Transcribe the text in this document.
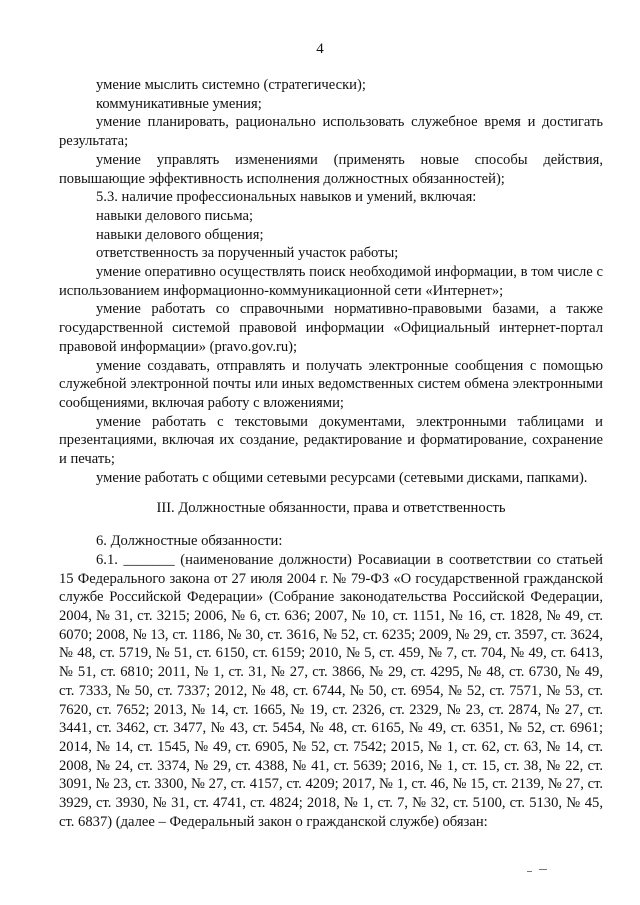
4

умение мыслить системно (стратегически);

коммуникативные умения;

умение планировать, рационально использовать служебное время и достигать результата;

умение управлять изменениями (применять новые способы действия, повышающие эффективность исполнения должностных обязанностей);

5.3. наличие профессиональных навыков и умений, включая:

навыки делового письма;

навыки делового общения;

ответственность за порученный участок работы;

умение оперативно осуществлять поиск необходимой информации, в том числе с использованием информационно-коммуникационной сети «Интернет»;

умение работать со справочными нормативно-правовыми базами, а также государственной системой правовой информации «Официальный интернет-портал правовой информации» (pravo.gov.ru);

умение создавать, отправлять и получать электронные сообщения с помощью служебной электронной почты или иных ведомственных систем обмена электронными сообщениями, включая работу с вложениями;

умение работать с текстовыми документами, электронными таблицами и презентациями, включая их создание, редактирование и форматирование, сохранение и печать;

умение работать с общими сетевыми ресурсами (сетевыми дисками, папками).

III. Должностные обязанности, права и ответственность

6. Должностные обязанности:

6.1. _______ (наименование должности) Росавиации в соответствии со статьей 15 Федерального закона от 27 июля 2004 г. № 79-ФЗ «О государственной гражданской службе Российской Федерации» (Собрание законодательства Российской Федерации, 2004, № 31, ст. 3215; 2006, № 6, ст. 636; 2007, № 10, ст. 1151, № 16, ст. 1828, № 49, ст. 6070; 2008, № 13, ст. 1186, № 30, ст. 3616, № 52, ст. 6235; 2009, № 29, ст. 3597, ст. 3624, № 48, ст. 5719, № 51, ст. 6150, ст. 6159; 2010, № 5, ст. 459, № 7, ст. 704, № 49, ст. 6413, № 51, ст. 6810; 2011, № 1, ст. 31, № 27, ст. 3866, № 29, ст. 4295, № 48, ст. 6730, № 49, ст. 7333, № 50, ст. 7337; 2012, № 48, ст. 6744, № 50, ст. 6954, № 52, ст. 7571, № 53, ст. 7620, ст. 7652; 2013, № 14, ст. 1665, № 19, ст. 2326, ст. 2329, № 23, ст. 2874, № 27, ст. 3441, ст. 3462, ст. 3477, № 43, ст. 5454, № 48, ст. 6165, № 49, ст. 6351, № 52, ст. 6961; 2014, № 14, ст. 1545, № 49, ст. 6905, № 52, ст. 7542; 2015, № 1, ст. 62, ст. 63, № 14, ст. 2008, № 24, ст. 3374, № 29, ст. 4388, № 41, ст. 5639; 2016, № 1, ст. 15, ст. 38, № 22, ст. 3091, № 23, ст. 3300, № 27, ст. 4157, ст. 4209; 2017, № 1, ст. 46, № 15, ст. 2139, № 27, ст. 3929, ст. 3930, № 31, ст. 4741, ст. 4824; 2018, № 1, ст. 7, № 32, ст. 5100, ст. 5130, № 45, ст. 6837) (далее – Федеральный закон о гражданской службе) обязан:
